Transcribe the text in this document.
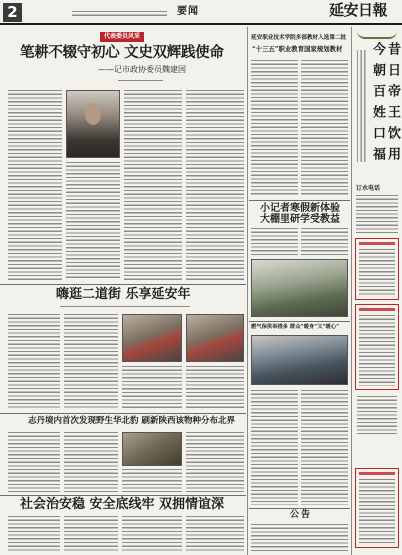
2	要闻	延安日報
代表委员风采
笔耕不辍守初心 文史双辉践使命
——记市政协委员魏建国
嗨逛二道街 乐享延安年
志丹境内首次发现野生华北豹 刷新陕西该物种分布北界
社会治安稳 安全底线牢 双拥情谊深
延安职业技术学院多部教材入选第二批
“十三五”职业教育国家规划教材
小记者寒假新体验
大棚里研学受教益
燃气保供举措多 群众“暖身”又“暖心”
公告
昔日帝王饮用
今朝百姓口福
订水电话
